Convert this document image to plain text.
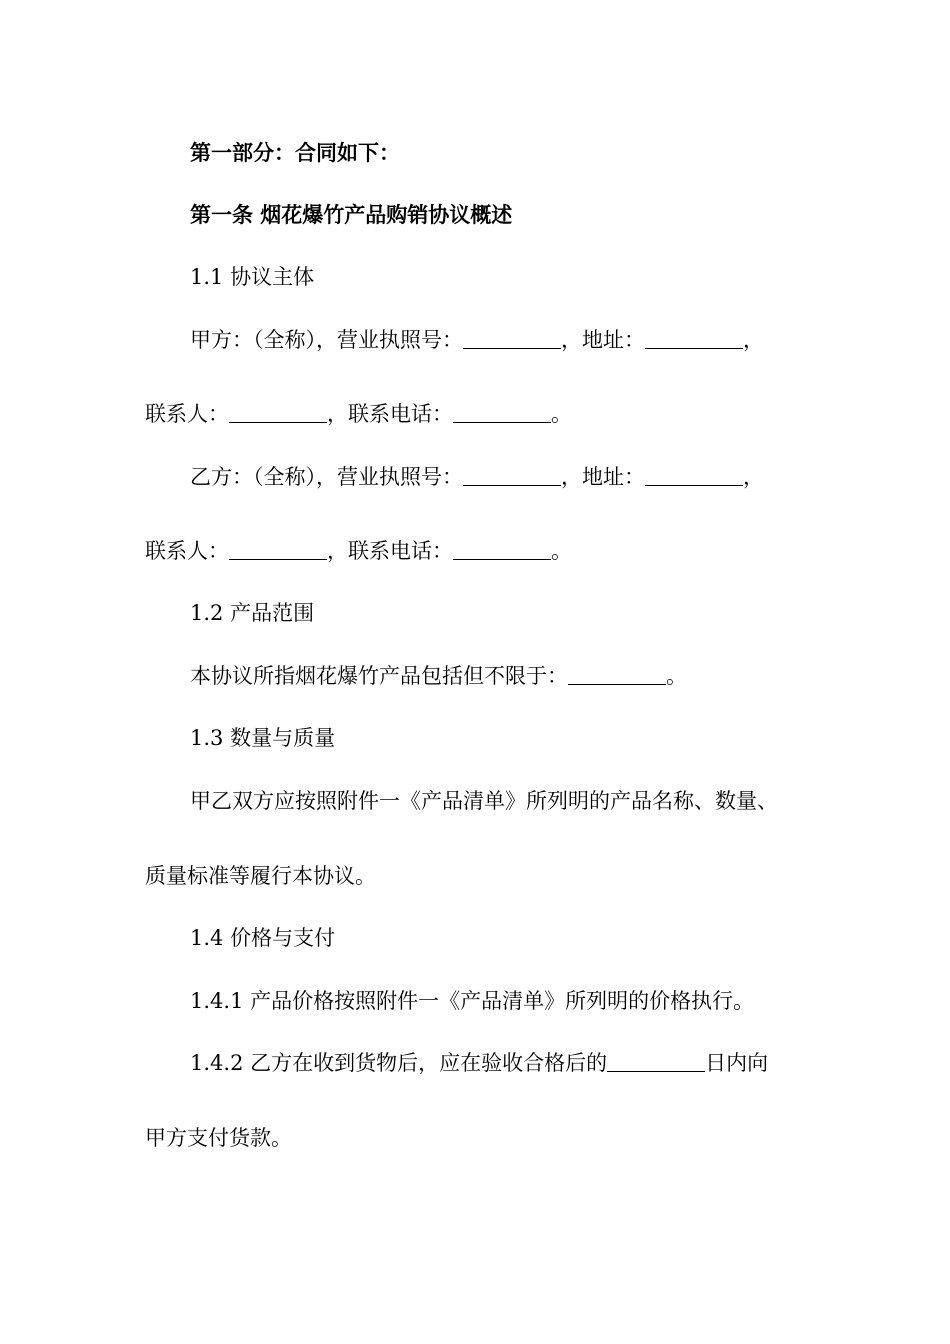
第一部分：合同如下：
第一条 烟花爆竹产品购销协议概述
1.1 协议主体
甲方：（全称），营业执照号：	，地址：	，
联系人：	，联系电话：	。
乙方：（全称），营业执照号：	，地址：	，
联系人：	，联系电话：	。
1.2 产品范围
本协议所指烟花爆竹产品包括但不限于：	。
1.3 数量与质量
甲乙双方应按照附件一《产品清单》所列明的产品名称、数量、
质量标准等履行本协议。
1.4 价格与支付
1.4.1 产品价格按照附件一《产品清单》所列明的价格执行。
1.4.2 乙方在收到货物后，应在验收合格后的	日内向
甲方支付货款。
